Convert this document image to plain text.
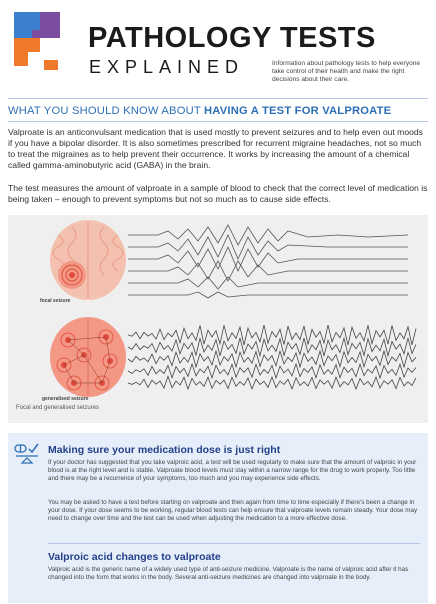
PATHOLOGY TESTS
EXPLAINED	Information about pathology tests to help everyone take control of their health and make the right decisions about their care.
WHAT YOU SHOULD KNOW ABOUT HAVING A TEST FOR VALPROATE
Valproate is an anticonvulsant medication that is used mostly to prevent seizures and to help even out moods if you have a bipolar disorder. It is also sometimes prescribed for recurrent migraine headaches, not so much to treat the migraines as to help prevent their occurrence. It works by increasing the amount of a chemical called gamma-aminobutyric acid (GABA) in the brain.
The test measures the amount of valproate in a sample of blood to check that the correct level of medication is being taken – enough to prevent symptoms but not so much as to cause side effects.
focal seizure
generalised seizure
Focal and generalised seizures
Making sure your medication dose is just right
If your doctor has suggested that you take valproic acid, a test will be used regularly to make sure that the amount of valproic in your blood is at the right level and is stable. Valproate blood levels must stay within a narrow range for the drug to work properly. Too little and there may be a recurrence of your symptoms, too much and you may experience side effects.
You may be asked to have a test before starting on valproate and then again from time to time especially if there's been a change in your dose. If your dose seems to be working, regular blood tests can help ensure that valproate levels remain steady. Your dose may need to change over time and the test can be used when adjusting the medication to a more effective dose.
Valproic acid changes to valproate
Valproic acid is the generic name of a widely used type of anti-seizure medicine. Valproate is the name of valproic acid after it has changed into the form that works in the body. Several anti-seizure medicines are changed into valproate in the body.
